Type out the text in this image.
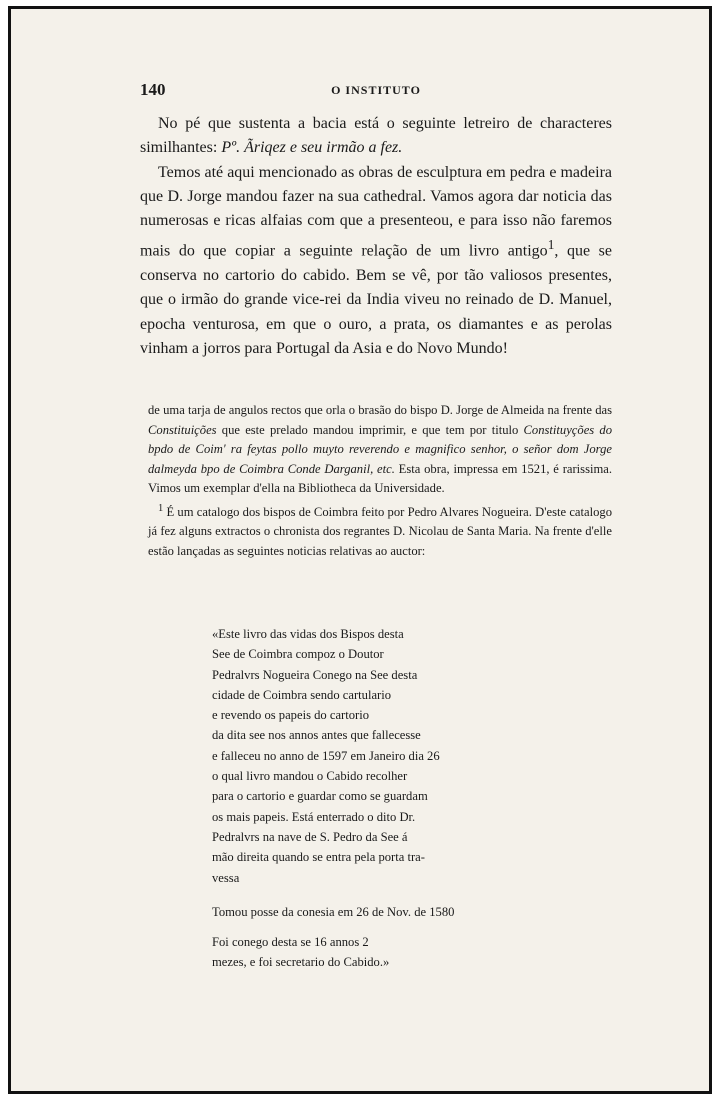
140	O INSTITUTO

No pé que sustenta a bacia está o seguinte letreiro de characteres similhantes: Pº. Ãriqez e seu irmão a fez.

Temos até aqui mencionado as obras de esculptura em pedra e madeira que D. Jorge mandou fazer na sua cathedral. Vamos agora dar noticia das numerosas e ricas alfaias com que a presenteou, e para isso não faremos mais do que copiar a seguinte relação de um livro antigo$^1$, que se conserva no cartorio do cabido. Bem se vê, por tão valiosos presentes, que o irmão do grande vice-rei da India viveu no reinado de D. Manuel, epocha venturosa, em que o ouro, a prata, os diamantes e as perolas vinham a jorros para Portugal da Asia e do Novo Mundo!

de uma tarja de angulos rectos que orla o brasão do bispo D. Jorge de Almeida na frente das Constituições que este prelado mandou imprimir, e que tem por titulo Constituyções do bpdo de Coim' ra feytas pollo muyto reverendo e magnifico senhor, o señor dom Jorge dalmeyda bpo de Coimbra Conde Darganil, etc. Esta obra, impressa em 1521, é rarissima. Vimos um exemplar d'ella na Bibliotheca da Universidade.

$^1$ É um catalogo dos bispos de Coimbra feito por Pedro Alvares Nogueira. D'este catalogo já fez alguns extractos o chronista dos regrantes D. Nicolau de Santa Maria. Na frente d'elle estão lançadas as seguintes noticias relativas ao auctor:

«Este livro das vidas dos Bispos desta
See de Coimbra compoz o Doutor
Pedralvrs Nogueira Conego na See desta
cidade de Coimbra sendo cartulario
e revendo os papeis do cartorio
da dita see nos annos antes que fallecesse
e falleceu no anno de 1597 em Janeiro dia 26
o qual livro mandou o Cabido recolher
para o cartorio e guardar como se guardam
os mais papeis. Está enterrado o dito Dr.
Pedralvrs na nave de S. Pedro da See á
mão direita quando se entra pela porta tra-
vessa
Tomou posse da conesia em 26 de Nov. de 1580
Foi conego desta se 16 annos 2
mezes, e foi secretario do Cabido.»
